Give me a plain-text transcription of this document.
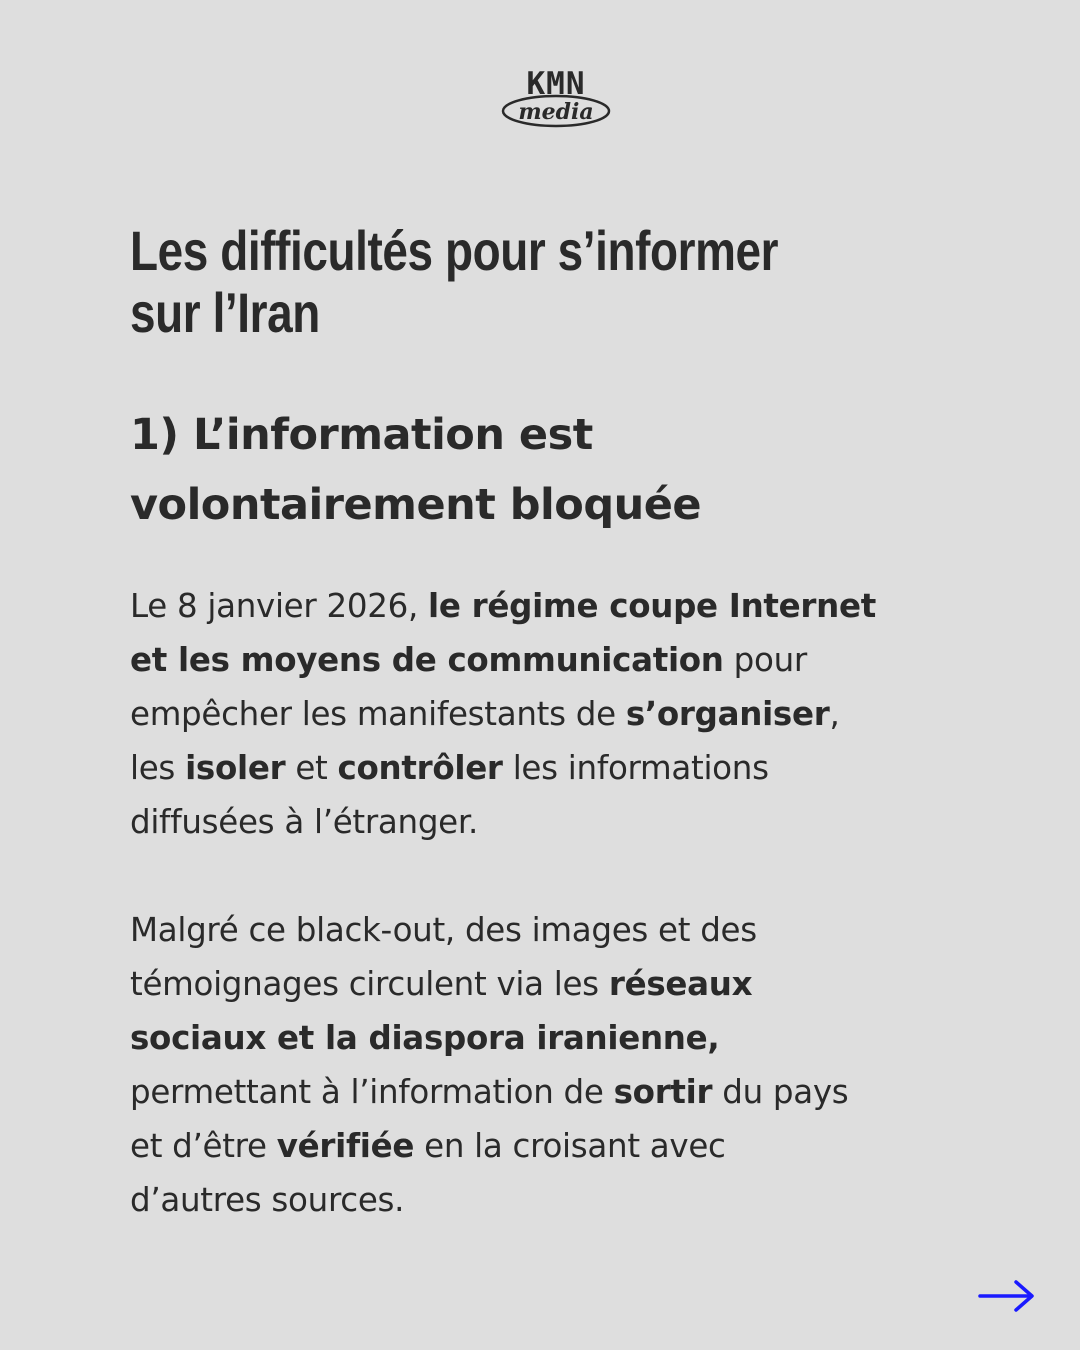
KMN
media
Les difficultés pour s’informer
sur l’Iran
1) L’information est
volontairement bloquée
Le 8 janvier 2026, le régime coupe Internet
et les moyens de communication pour
empêcher les manifestants de s’organiser,
les isoler et contrôler les informations
diffusées à l’étranger.
Malgré ce black-out, des images et des
témoignages circulent via les réseaux
sociaux et la diaspora iranienne,
permettant à l’information de sortir du pays
et d’être vérifiée en la croisant avec
d’autres sources.
